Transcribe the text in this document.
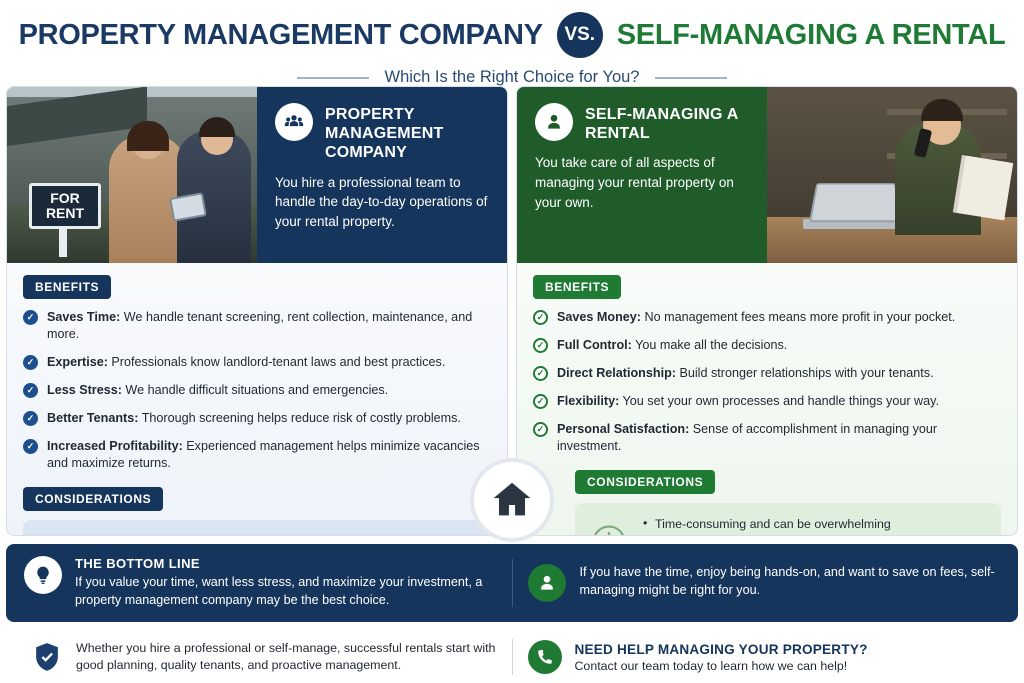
PROPERTY MANAGEMENT COMPANY	VS. SELF-MANAGING A RENTAL
Which Is the Right Choice for You?
FOR RENT
PROPERTY MANAGEMENT COMPANY
You hire a professional team to handle the day-to-day operations of your rental property.
BENEFITS
✓ Saves Time: We handle tenant screening, rent collection, maintenance, and more.
✓ Expertise: Professionals know landlord-tenant laws and best practices.
✓ Less Stress: We handle difficult situations and emergencies.
✓ Better Tenants: Thorough screening helps reduce risk of costly problems.
✓ Increased Profitability: Experienced management helps minimize vacancies and maximize returns.
CONSIDERATIONS
•
SELF-MANAGING A RENTAL
You take care of all aspects of managing your rental property on your own.
BENEFITS
✓ Saves Money: No management fees means more profit in your pocket.
✓ Full Control: You make all the decisions.
✓ Direct Relationship: Build stronger relationships with your tenants.
✓ Flexibility: You set your own processes and handle things your way.
✓ Personal Satisfaction: Sense of accomplishment in managing your investment.
CONSIDERATIONS
• Time-consuming and can be overwhelming
•
THE BOTTOM LINE
If you value your time, want less stress, and maximize your investment, a property management company may be the best choice.
If you have the time, enjoy being hands-on, and want to save on fees, self-managing might be right for you.
Whether you hire a professional or self-manage, successful rentals start with good planning, quality tenants, and proactive management.
NEED HELP MANAGING YOUR PROPERTY?
Contact our team today to learn how we can help!
